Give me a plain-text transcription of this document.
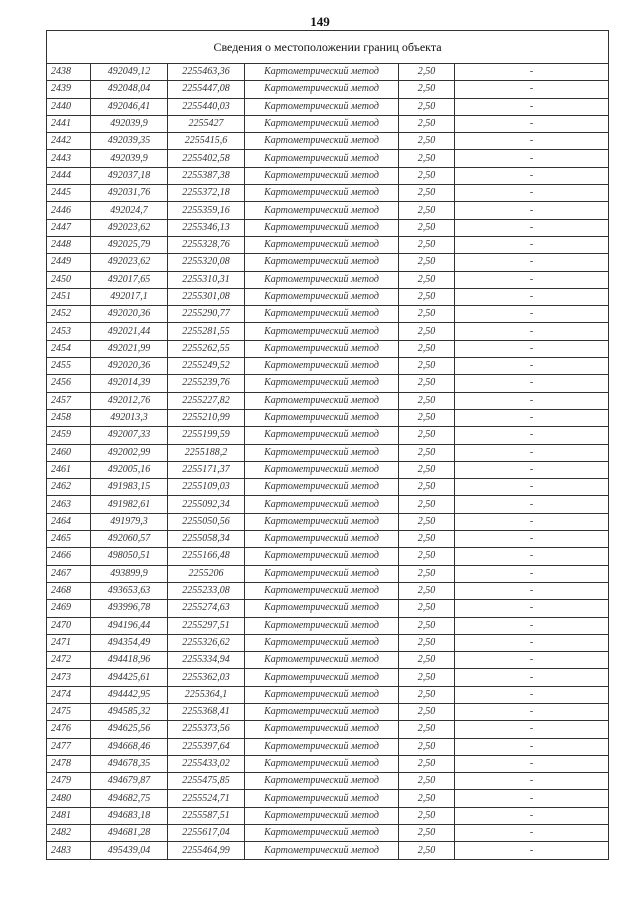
149
Сведения о местоположении границ объекта					
2438	492049,12	2255463,36	Картометрический метод	2,50	-
2439	492048,04	2255447,08	Картометрический метод	2,50	-
2440	492046,41	2255440,03	Картометрический метод	2,50	-
2441	492039,9	2255427	Картометрический метод	2,50	-
2442	492039,35	2255415,6	Картометрический метод	2,50	-
2443	492039,9	2255402,58	Картометрический метод	2,50	-
2444	492037,18	2255387,38	Картометрический метод	2,50	-
2445	492031,76	2255372,18	Картометрический метод	2,50	-
2446	492024,7	2255359,16	Картометрический метод	2,50	-
2447	492023,62	2255346,13	Картометрический метод	2,50	-
2448	492025,79	2255328,76	Картометрический метод	2,50	-
2449	492023,62	2255320,08	Картометрический метод	2,50	-
2450	492017,65	2255310,31	Картометрический метод	2,50	-
2451	492017,1	2255301,08	Картометрический метод	2,50	-
2452	492020,36	2255290,77	Картометрический метод	2,50	-
2453	492021,44	2255281,55	Картометрический метод	2,50	-
2454	492021,99	2255262,55	Картометрический метод	2,50	-
2455	492020,36	2255249,52	Картометрический метод	2,50	-
2456	492014,39	2255239,76	Картометрический метод	2,50	-
2457	492012,76	2255227,82	Картометрический метод	2,50	-
2458	492013,3	2255210,99	Картометрический метод	2,50	-
2459	492007,33	2255199,59	Картометрический метод	2,50	-
2460	492002,99	2255188,2	Картометрический метод	2,50	-
2461	492005,16	2255171,37	Картометрический метод	2,50	-
2462	491983,15	2255109,03	Картометрический метод	2,50	-
2463	491982,61	2255092,34	Картометрический метод	2,50	-
2464	491979,3	2255050,56	Картометрический метод	2,50	-
2465	492060,57	2255058,34	Картометрический метод	2,50	-
2466	498050,51	2255166,48	Картометрический метод	2,50	-
2467	493899,9	2255206	Картометрический метод	2,50	-
2468	493653,63	2255233,08	Картометрический метод	2,50	-
2469	493996,78	2255274,63	Картометрический метод	2,50	-
2470	494196,44	2255297,51	Картометрический метод	2,50	-
2471	494354,49	2255326,62	Картометрический метод	2,50	-
2472	494418,96	2255334,94	Картометрический метод	2,50	-
2473	494425,61	2255362,03	Картометрический метод	2,50	-
2474	494442,95	2255364,1	Картометрический метод	2,50	-
2475	494585,32	2255368,41	Картометрический метод	2,50	-
2476	494625,56	2255373,56	Картометрический метод	2,50	-
2477	494668,46	2255397,64	Картометрический метод	2,50	-
2478	494678,35	2255433,02	Картометрический метод	2,50	-
2479	494679,87	2255475,85	Картометрический метод	2,50	-
2480	494682,75	2255524,71	Картометрический метод	2,50	-
2481	494683,18	2255587,51	Картометрический метод	2,50	-
2482	494681,28	2255617,04	Картометрический метод	2,50	-
2483	495439,04	2255464,99	Картометрический метод	2,50	-
